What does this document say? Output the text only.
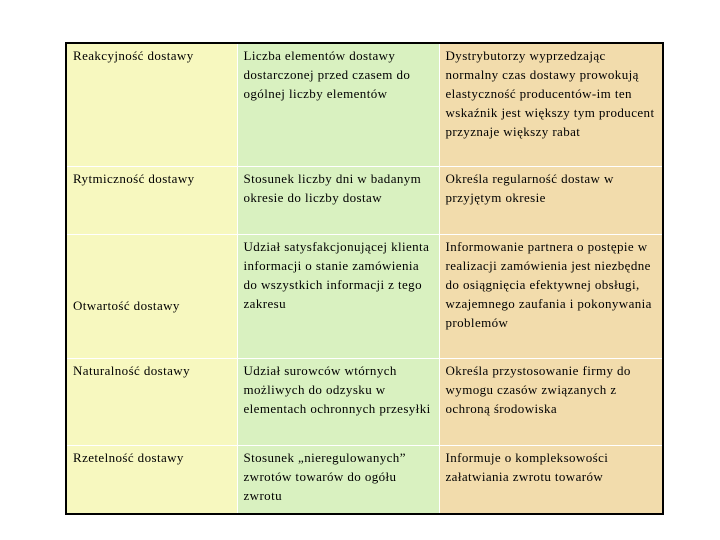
Reakcyjność dostawy	Liczba elementów dostawy dostarczonej przed czasem do ogólnej liczby elementów	Dystrybutorzy wyprzedzając normalny czas dostawy prowokują elastyczność producentów-im ten wskaźnik jest większy tym producent przyznaje większy rabat
Rytmiczność dostawy	Stosunek liczby dni w badanym okresie do liczby dostaw	Określa regularność dostaw w przyjętym okresie
Otwartość dostawy	Udział satysfakcjonującej klienta informacji o stanie zamówienia do wszystkich informacji z tego zakresu	Informowanie partnera o postępie w realizacji zamówienia jest niezbędne do osiągnięcia efektywnej obsługi, wzajemnego zaufania i pokonywania problemów
Naturalność dostawy	Udział surowców wtórnych możliwych do odzysku w elementach ochronnych przesyłki	Określa przystosowanie firmy do wymogu czasów związanych z ochroną środowiska
Rzetelność dostawy	Stosunek „nieregulowanych” zwrotów towarów do ogółu zwrotu	Informuje o kompleksowości załatwiania zwrotu towarów
